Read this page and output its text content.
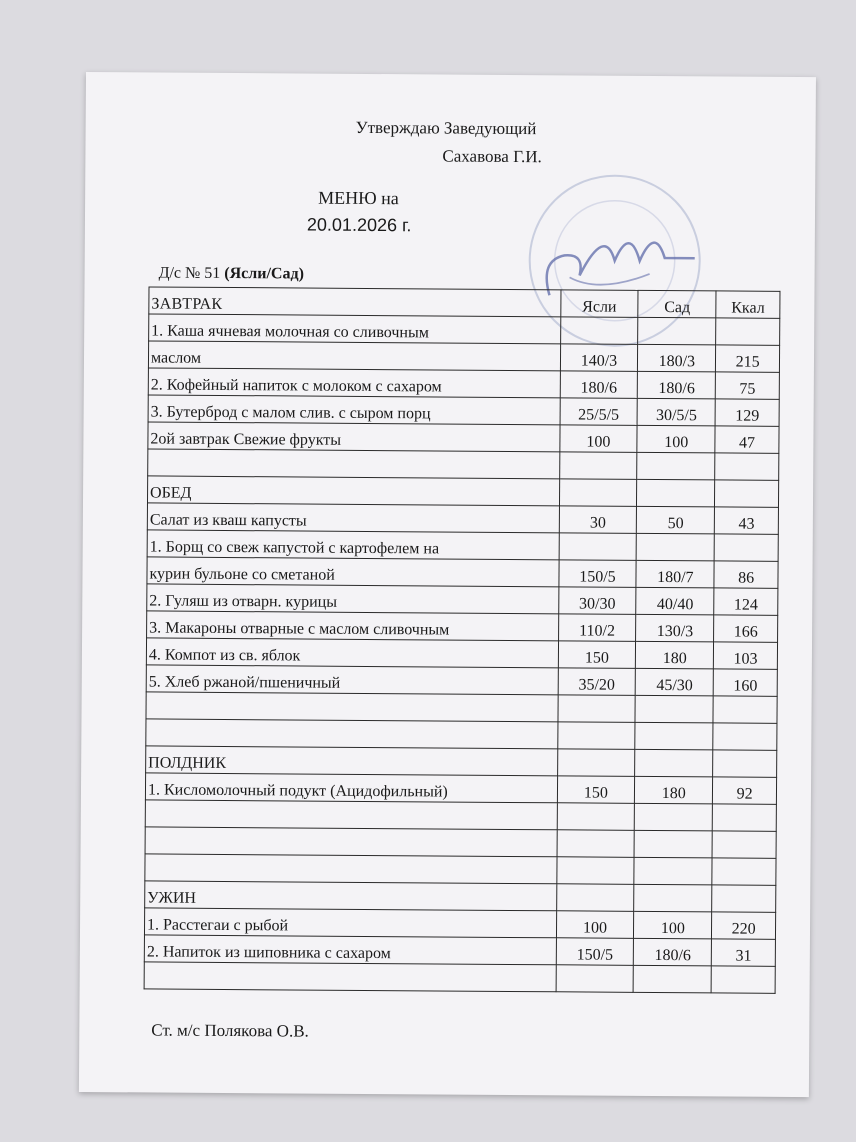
Утверждаю Заведующий
Сахавова Г.И.
МЕНЮ на
20.01.2026 г.
Д/с № 51 (Ясли/Сад)
ЗАВТРАК	Ясли	Сад	Ккал
1. Каша ячневая молочная со сливочным			
маслом	140/3	180/3	215
2. Кофейный напиток с молоком с сахаром	180/6	180/6	75
3. Бутерброд с малом слив. с сыром порц	25/5/5	30/5/5	129
2ой завтрак Свежие фрукты	100	100	47

ОБЕД			
Салат из кваш капусты	30	50	43
1. Борщ со свеж капустой с картофелем на			
курин бульоне со сметаной	150/5	180/7	86
2. Гуляш из отварн. курицы	30/30	40/40	124
3. Макароны отварные с маслом сливочным	110/2	130/3	166
4. Компот из св. яблок	150	180	103
5. Хлеб ржаной/пшеничный	35/20	45/30	160

ПОЛДНИК			
1. Кисломолочный подукт (Ацидофильный)	150	180	92

УЖИН			
1. Расстегаи с рыбой	100	100	220
2. Напиток из шиповника с сахаром	150/5	180/6	31

Ст. м/с Полякова О.В.
